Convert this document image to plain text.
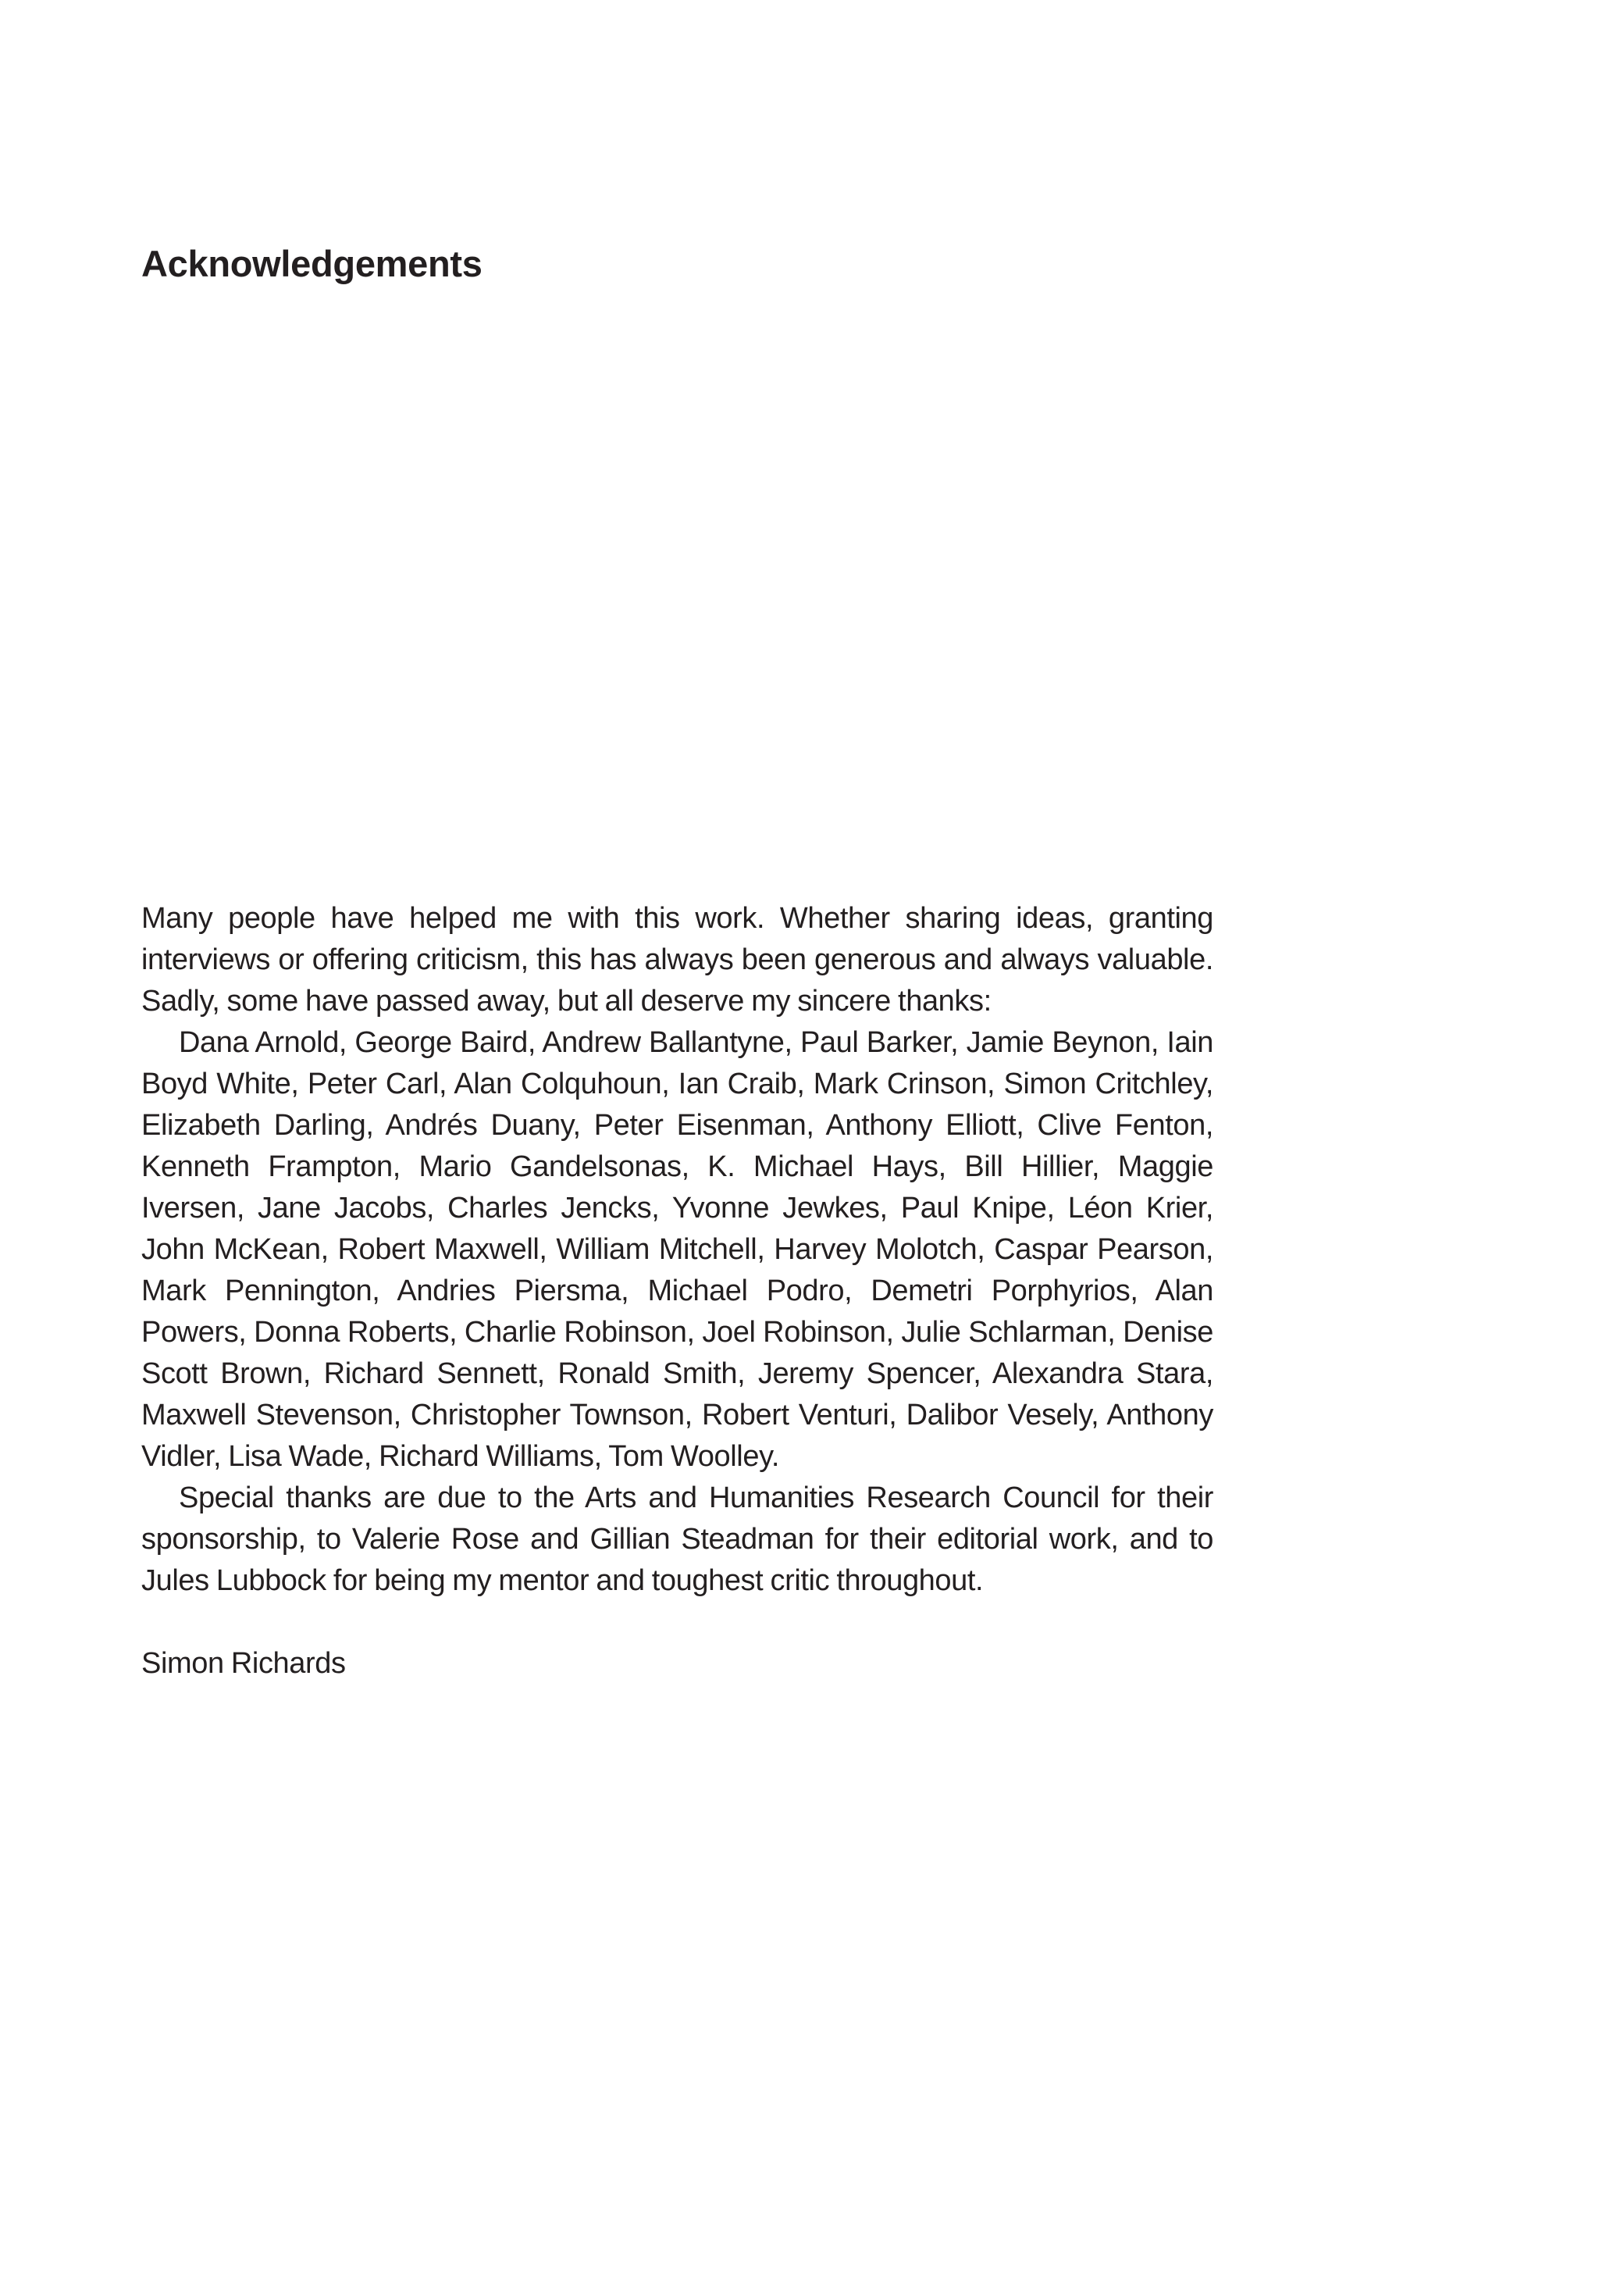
Acknowledgements

Many people have helped me with this work. Whether sharing ideas, granting interviews or offering criticism, this has always been generous and always valuable. Sadly, some have passed away, but all deserve my sincere thanks:

Dana Arnold, George Baird, Andrew Ballantyne, Paul Barker, Jamie Beynon, Iain Boyd White, Peter Carl, Alan Colquhoun, Ian Craib, Mark Crinson, Simon Critchley, Elizabeth Darling, Andrés Duany, Peter Eisenman, Anthony Elliott, Clive Fenton, Kenneth Frampton, Mario Gandelsonas, K. Michael Hays, Bill Hillier, Maggie Iversen, Jane Jacobs, Charles Jencks, Yvonne Jewkes, Paul Knipe, Léon Krier, John McKean, Robert Maxwell, William Mitchell, Harvey Molotch, Caspar Pearson, Mark Pennington, Andries Piersma, Michael Podro, Demetri Porphyrios, Alan Powers, Donna Roberts, Charlie Robinson, Joel Robinson, Julie Schlarman, Denise Scott Brown, Richard Sennett, Ronald Smith, Jeremy Spencer, Alexandra Stara, Maxwell Stevenson, Christopher Townson, Robert Venturi, Dalibor Vesely, Anthony Vidler, Lisa Wade, Richard Williams, Tom Woolley.

Special thanks are due to the Arts and Humanities Research Council for their sponsorship, to Valerie Rose and Gillian Steadman for their editorial work, and to Jules Lubbock for being my mentor and toughest critic throughout.

Simon Richards
